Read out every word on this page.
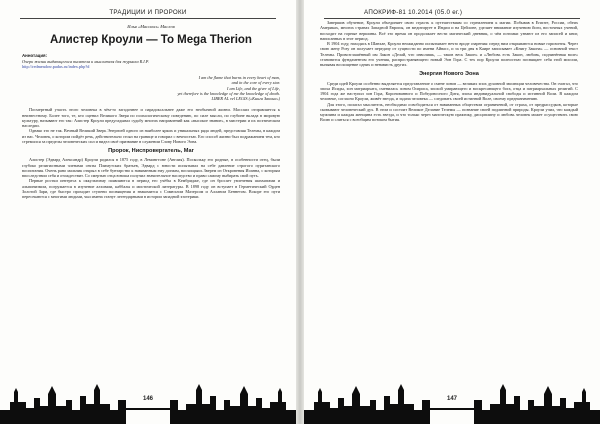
ТРАДИЦИИ И ПРОРОКИ

Илья «Массаил» Маслов

Алистер Кроули — To Mega Therion

Аннотация:

Очерк жизни выдающегося писателя и мыслителя для журнала R.I.P.

http://redmeadow.padus.ru/index.php?d

I am the flame that burns in every heart of man,

and in the core of every star.

I am Life, and the giver of Life,

yet therefore is the knowledge of me the knowledge of death.

LIBER AL vel LEGIS («Книга Закона»)

Посмертный участь этого человека в чём-то загадочнее и парадоксальнее даже его необычной жизни. Массаил отправляется к неизвестному. Более того, те, кто оценил Великого Зверя по психологическому поведению, по силе мысли, по глубине вклада в мировую культуру, называют его так: Алистер Кроули предугадывал судьбу многих направлений как «высокое знание», в мистерии и их поэтическом наследии.

Однако это не так. Вечный Великий Зверь Энергией одного из наиболее ярких и уникальных ряда людей, представляя Телемы, в каждом из нас. Человек, о котором пойдёт речь, действительно стоял на границе и говорил с вечностью. Его способ жизни был подражанием тем, кто стремился за пределы человеческих сил и видел своё призвание в служении Слову Нового Эона.

Пророк, Ниспровергатель, Маг

Алистер (Эдвард Александр) Кроули родился в 1875 году, в Лемингтоне (Англия). Поскольку его родные, в особенности отец, были глубоко религиозными членами секты Плимутских братьев, Эдвард с юности испытывал на себе давление строгого пуританского воспитания. Очень рано мальчик открыл в себе бунтарство к навязанным ему догмам, восхищаясь Зверем из Откровения Иоанна, с которым впоследствии себя и отождествит. Со смертью отца юноша получил значительное наследство и право самому выбирать свой путь.

Первые ростки интереса к оккультизму появляются в период его учёбы в Кембридже, где он бросает увлечения шахматами и альпинизмом, погружается в изучение алхимии, каббалы и мистической литературы. В 1898 году он вступает в Герметический Орден Золотой Зари, где быстро проходит ступени посвящения и знакомится с Сэмюэлом Мазерсом и Алланом Беннетом. Вскоре его пути пересекаются с многими людьми, чьи имена станут легендарными в истории западной эзотерики.

146
АПОКРИФ-81 10.2014 (05.0 ег.)

Завершив обучение, Кроули объединяет свою страсть к путешествиям со стремлением к магии. Побывав в Египте, России, обеих Америках, многих странах Западной Европы, он медитирует в Индии и на Цейлоне, уделяет внимание изучению йоги, восточных учений, восходит на горные вершины. Всё это время он продолжает вести магический дневник, о чём потомки узнают из его записей и книг, написанных в этот период.

В 1904 году, находясь в Шанхае, Кроули неожиданно испытывает нечто вроде озарения: перед ним открываются новые горизонты. Через свою жену Розу он получает передачу от сущности по имени Айвасс, и за три дня в Каире записывает «Книгу Закона» — основной текст Телемы. Провозглашённый им Закон «Делай, что изволишь, — таков весь Закон» и «Любовь есть Закон, любовь, подчинённая воле» становится фундаментом его учения, распространяющего новый Эон Гора. С тех пор Кроули полностью посвящает себя этой миссии, вызывая восхищение одних и ненависть других.

Энергия Нового Эона

Среди идей Кроули особенно выделяется представление о смене эонов — великих эпох духовной эволюции человечества. Он считал, что эпоха Исиды, эон матриархата, сменилась эоном Осириса, эпохой умирающего и воскресающего бога, отца и патриархальных религий. С 1904 года же наступил эон Гора, Коронованного и Победоносного Дитя, эпоха индивидуальной свободы и истинной Воли. В каждом человеке, согласно Кроули, живёт звезда, и задача человека — следовать своей истинной Воле, своему предназначению.

Для этого, полагал мыслитель, необходимо освободиться от навязанных обществом ограничений, от страха, от предрассудков, которые сковывают человеческий дух. В этом и состоит Великое Делание Телемы — познание своей подлинной природы. Кроули учил, что каждый мужчина и каждая женщина есть звезда, и что только через магическую практику, дисциплину и любовь человек может осуществить свою Волю и слиться с всеобщим потоком бытия.

147
